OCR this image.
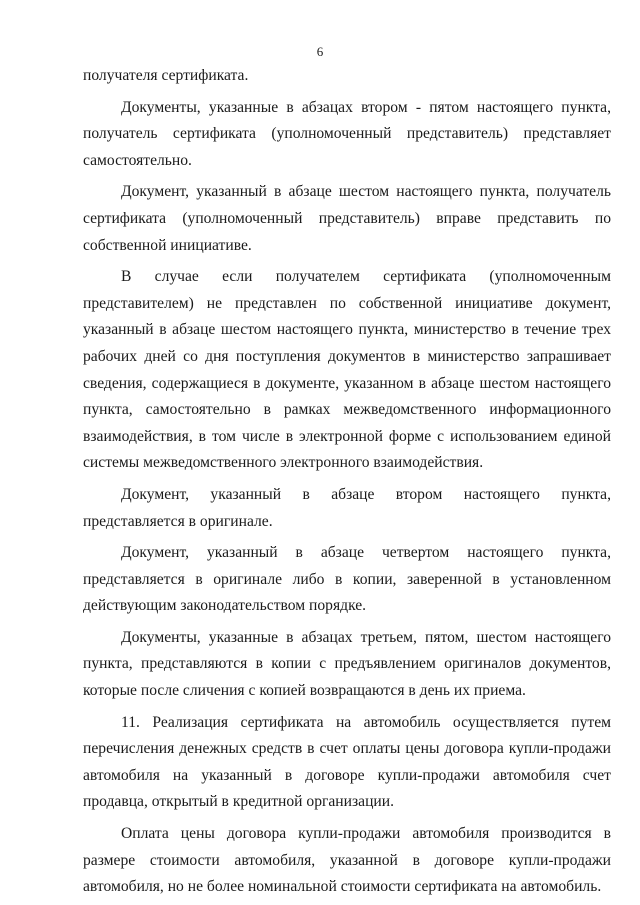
6

получателя сертификата.

Документы, указанные в абзацах втором - пятом настоящего пункта, получатель сертификата (уполномоченный представитель) представляет самостоятельно.

Документ, указанный в абзаце шестом настоящего пункта, получатель сертификата (уполномоченный представитель) вправе представить по собственной инициативе.

В случае если получателем сертификата (уполномоченным представителем) не представлен по собственной инициативе документ, указанный в абзаце шестом настоящего пункта, министерство в течение трех рабочих дней со дня поступления документов в министерство запрашивает сведения, содержащиеся в документе, указанном в абзаце шестом настоящего пункта, самостоятельно в рамках межведомственного информационного взаимодействия, в том числе в электронной форме с использованием единой системы межведомственного электронного взаимодействия.

Документ, указанный в абзаце втором настоящего пункта, представляется в оригинале.

Документ, указанный в абзаце четвертом настоящего пункта, представляется в оригинале либо в копии, заверенной в установленном действующим законодательством порядке.

Документы, указанные в абзацах третьем, пятом, шестом настоящего пункта, представляются в копии с предъявлением оригиналов документов, которые после сличения с копией возвращаются в день их приема.

11. Реализация сертификата на автомобиль осуществляется путем перечисления денежных средств в счет оплаты цены договора купли-продажи автомобиля на указанный в договоре купли-продажи автомобиля счет продавца, открытый в кредитной организации.

Оплата цены договора купли-продажи автомобиля производится в размере стоимости автомобиля, указанной в договоре купли-продажи автомобиля, но не более номинальной стоимости сертификата на автомобиль.
